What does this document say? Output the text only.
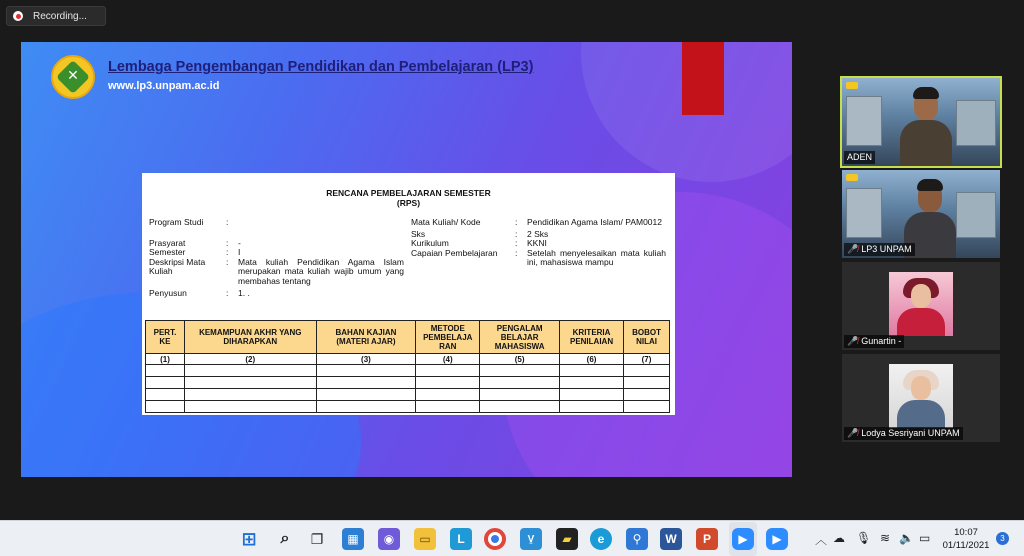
Recording...
✕	Lembaga Pengembangan Pendidikan dan Pembelajaran (LP3)
www.lp3.unpam.ac.id
RENCANA PEMBELAJARAN SEMESTER
(RPS)
Program Studi	:
Prasyarat	:	-
Semester	:	I
Deskripsi Mata Kuliah
:	Mata kuliah Pendidikan Agama Islam merupakan mata kuliah wajib umum yang membahas tentang
Penyusun	:	1. .
Mata Kuliah/ Kode	:	Pendidikan Agama Islam/ PAM0012
Sks	:	2 Sks
Kurikulum	:	KKNI
Capaian Pembelajaran	:	Setelah menyelesaikan mata kuliah ini, mahasiswa mampu
PERT. KE	KEMAMPUAN AKHR YANG DIHARAPKAN	BAHAN KAJIAN (MATERI AJAR)	METODE PEMBELAJA RAN	PENGALAM BELAJAR MAHASISWA	KRITERIA PENILAIAN	BOBOT NILAI
(1)	(2)	(3)	(4)	(5)	(6)	(7)

ADEN
🎤̸ LP3 UNPAM
🎤̸ Gunartin -
🎤̸ Lodya Sesriyani UNPAM
⊞	⌕	❐	▦	◉	▭	L	V̱	▰	e	⚲	W	P	▶	▶	︿ ☁ 🎙 ≋ 🔈 ▭	10:07
01/11/2021
3
